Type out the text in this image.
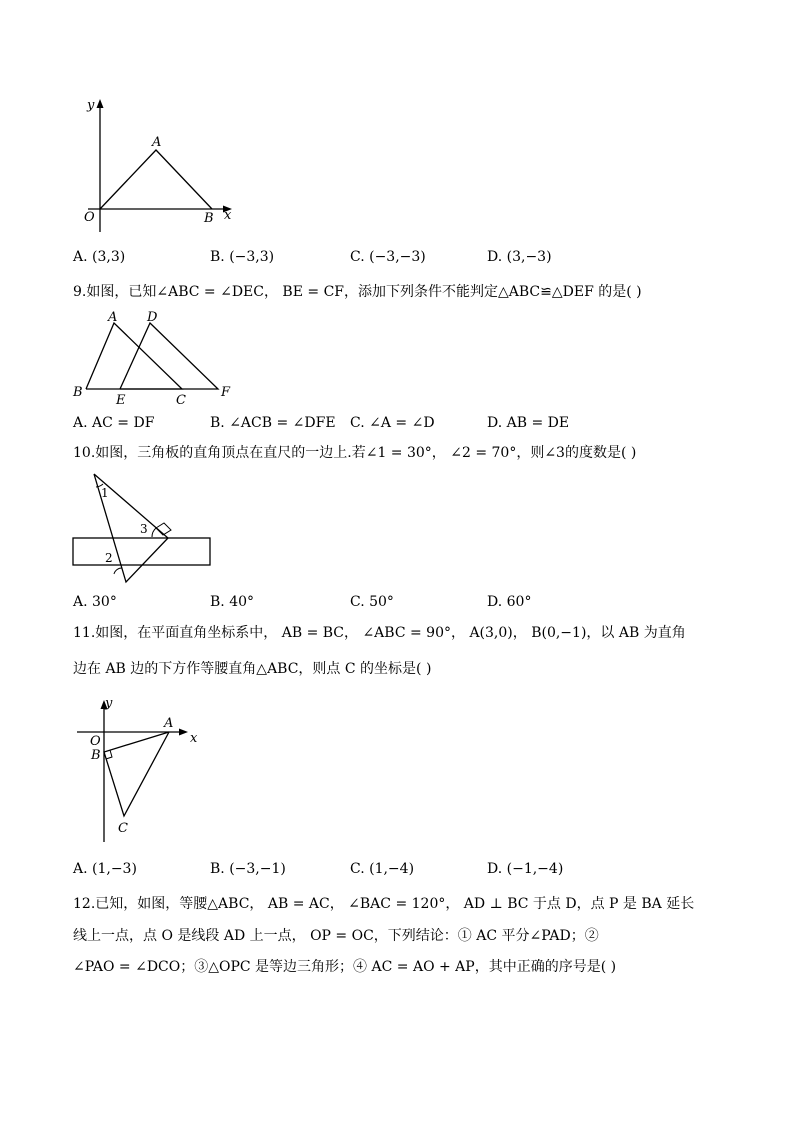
y
x
O
A
B
A. (3,3)	B. (−3,3)	C. (−3,−3)	D. (3,−3)
9.如图，已知∠ABC = ∠DEC， BE = CF，添加下列条件不能判定△ABC≌△DEF 的是( )
A D
B
E	C
F
A. AC = DF	B. ∠ACB = ∠DFE C. ∠A = ∠D	D. AB = DE
10.如图，三角板的直角顶点在直尺的一边上.若∠1 = 30°， ∠2 = 70°，则∠3的度数是( )
1
2
3
A. 30°	B. 40°	C. 50°	D. 60°
11.如图，在平面直角坐标系中， AB = BC， ∠ABC = 90°， A(3,0)， B(0,−1)，以 AB 为直角
边在 AB 边的下方作等腰直角△ABC，则点 C 的坐标是( )
y
x
O
A
B
C
A. (1,−3)	B. (−3,−1)	C. (1,−4)	D. (−1,−4)
12.已知，如图，等腰△ABC， AB = AC， ∠BAC = 120°， AD ⊥ BC 于点 D，点 P 是 BA 延长
线上一点，点 O 是线段 AD 上一点， OP = OC，下列结论：① AC 平分∠PAD；②
∠PAO = ∠DCO；③△OPC 是等边三角形；④ AC = AO + AP，其中正确的序号是( )
